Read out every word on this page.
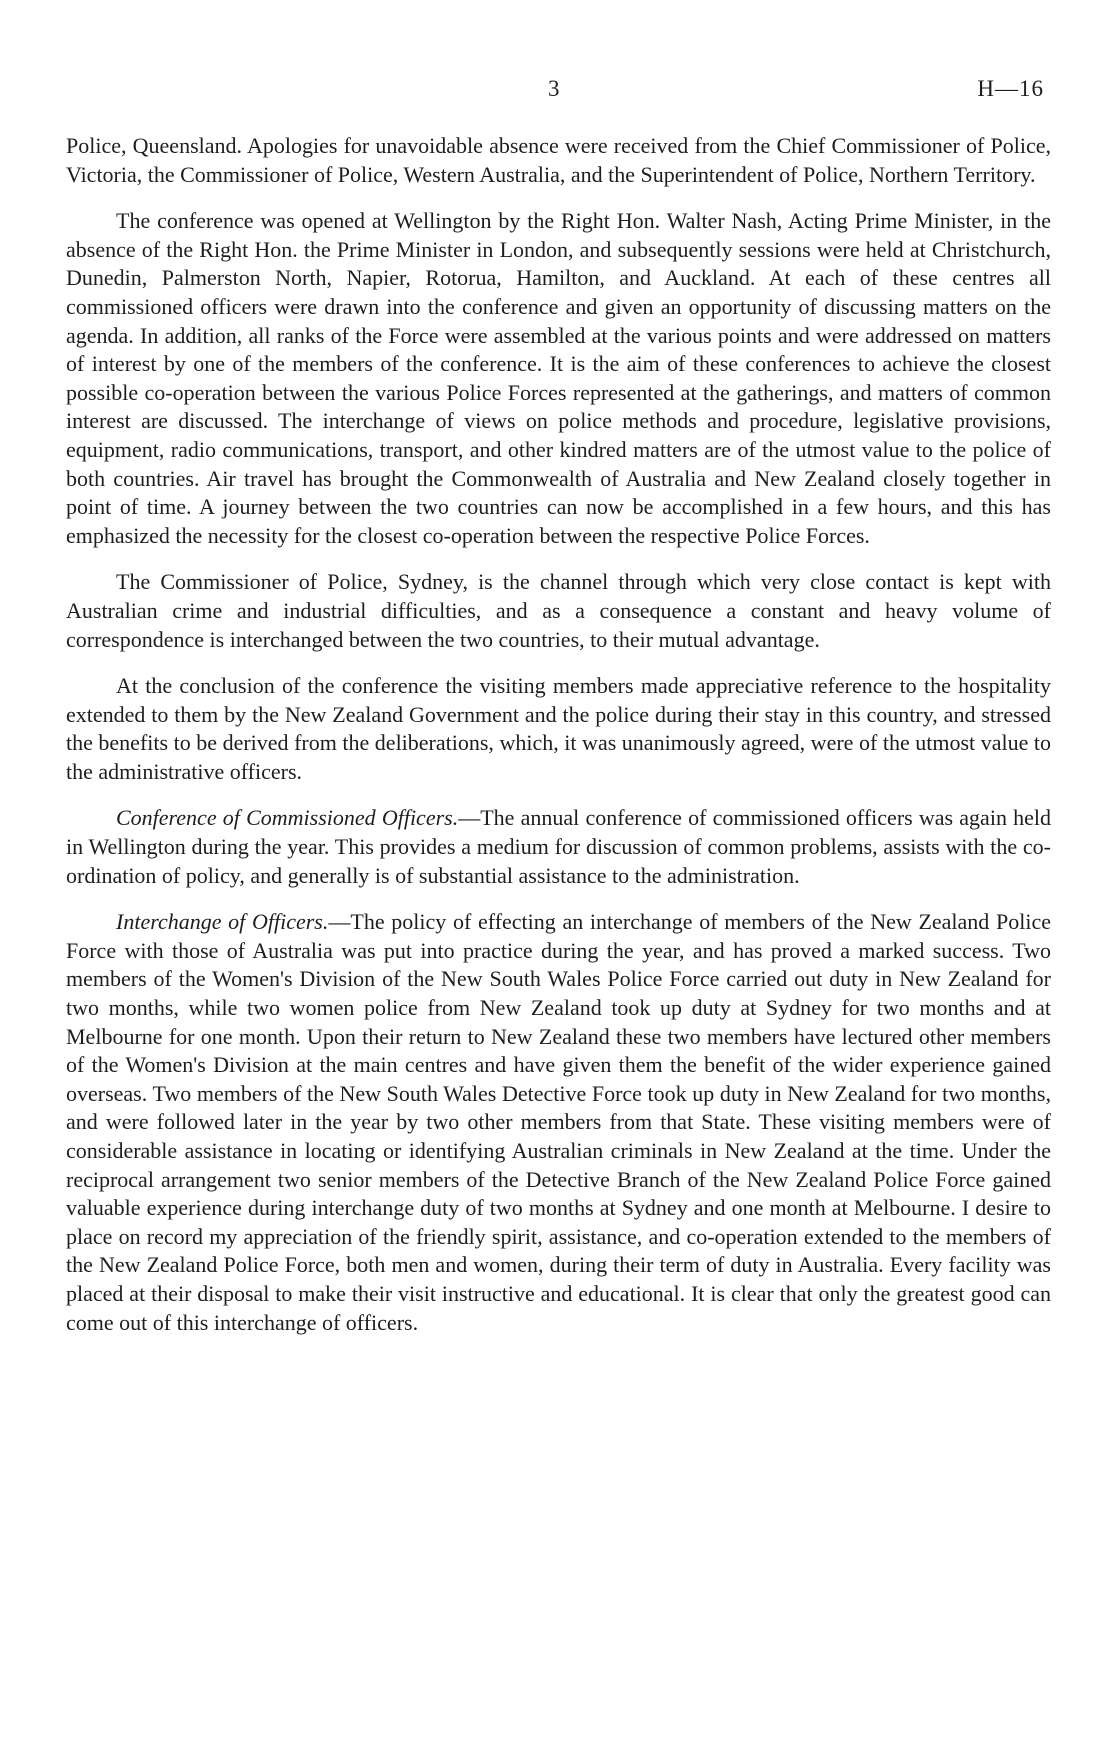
3	H—16

Police, Queensland. Apologies for unavoidable absence were received from the Chief Commissioner of Police, Victoria, the Commissioner of Police, Western Australia, and the Superintendent of Police, Northern Territory.

The conference was opened at Wellington by the Right Hon. Walter Nash, Acting Prime Minister, in the absence of the Right Hon. the Prime Minister in London, and subsequently sessions were held at Christchurch, Dunedin, Palmerston North, Napier, Rotorua, Hamilton, and Auckland. At each of these centres all commissioned officers were drawn into the conference and given an opportunity of discussing matters on the agenda. In addition, all ranks of the Force were assembled at the various points and were addressed on matters of interest by one of the members of the conference. It is the aim of these conferences to achieve the closest possible co-operation between the various Police Forces represented at the gatherings, and matters of common interest are discussed. The interchange of views on police methods and procedure, legislative provisions, equipment, radio communications, transport, and other kindred matters are of the utmost value to the police of both countries. Air travel has brought the Commonwealth of Australia and New Zealand closely together in point of time. A journey between the two countries can now be accomplished in a few hours, and this has emphasized the necessity for the closest co-operation between the respective Police Forces.

The Commissioner of Police, Sydney, is the channel through which very close contact is kept with Australian crime and industrial difficulties, and as a consequence a constant and heavy volume of correspondence is interchanged between the two countries, to their mutual advantage.

At the conclusion of the conference the visiting members made appreciative reference to the hospitality extended to them by the New Zealand Government and the police during their stay in this country, and stressed the benefits to be derived from the deliberations, which, it was unanimously agreed, were of the utmost value to the administrative officers.

Conference of Commissioned Officers.—The annual conference of commissioned officers was again held in Wellington during the year. This provides a medium for discussion of common problems, assists with the co-ordination of policy, and generally is of substantial assistance to the administration.

Interchange of Officers.—The policy of effecting an interchange of members of the New Zealand Police Force with those of Australia was put into practice during the year, and has proved a marked success. Two members of the Women's Division of the New South Wales Police Force carried out duty in New Zealand for two months, while two women police from New Zealand took up duty at Sydney for two months and at Melbourne for one month. Upon their return to New Zealand these two members have lectured other members of the Women's Division at the main centres and have given them the benefit of the wider experience gained overseas. Two members of the New South Wales Detective Force took up duty in New Zealand for two months, and were followed later in the year by two other members from that State. These visiting members were of considerable assistance in locating or identifying Australian criminals in New Zealand at the time. Under the reciprocal arrangement two senior members of the Detective Branch of the New Zealand Police Force gained valuable experience during interchange duty of two months at Sydney and one month at Melbourne. I desire to place on record my appreciation of the friendly spirit, assistance, and co-operation extended to the members of the New Zealand Police Force, both men and women, during their term of duty in Australia. Every facility was placed at their disposal to make their visit instructive and educational. It is clear that only the greatest good can come out of this interchange of officers.
